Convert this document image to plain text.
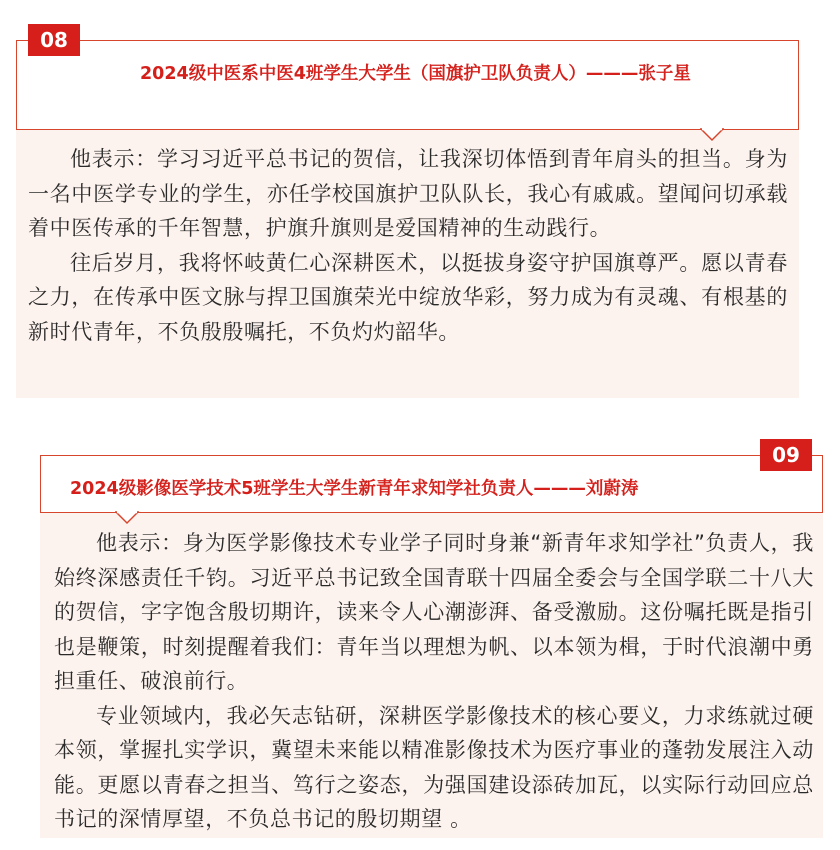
08
2024级中医系中医4班学生大学生（国旗护卫队负责人）———张子星

他表示：学习习近平总书记的贺信，让我深切体悟到青年肩头的担当。身为一名中医学专业的学生，亦任学校国旗护卫队队长，我心有戚戚。望闻问切承载着中医传承的千年智慧，护旗升旗则是爱国精神的生动践行。

往后岁月，我将怀岐黄仁心深耕医术，以挺拔身姿守护国旗尊严。愿以青春之力，在传承中医文脉与捍卫国旗荣光中绽放华彩，努力成为有灵魂、有根基的新时代青年，不负殷殷嘱托，不负灼灼韶华。

09
2024级影像医学技术5班学生大学生新青年求知学社负责人———刘蔚涛

他表示：身为医学影像技术专业学子同时身兼“新青年求知学社”负责人，我始终深感责任千钧。习近平总书记致全国青联十四届全委会与全国学联二十八大的贺信，字字饱含殷切期许，读来令人心潮澎湃、备受激励。这份嘱托既是指引也是鞭策，时刻提醒着我们：青年当以理想为帆、以本领为楫，于时代浪潮中勇担重任、破浪前行。

专业领域内，我必矢志钻研，深耕医学影像技术的核心要义，力求练就过硬本领，掌握扎实学识，冀望未来能以精准影像技术为医疗事业的蓬勃发展注入动能。更愿以青春之担当、笃行之姿态，为强国建设添砖加瓦，以实际行动回应总书记的深情厚望，不负总书记的殷切期望 。
